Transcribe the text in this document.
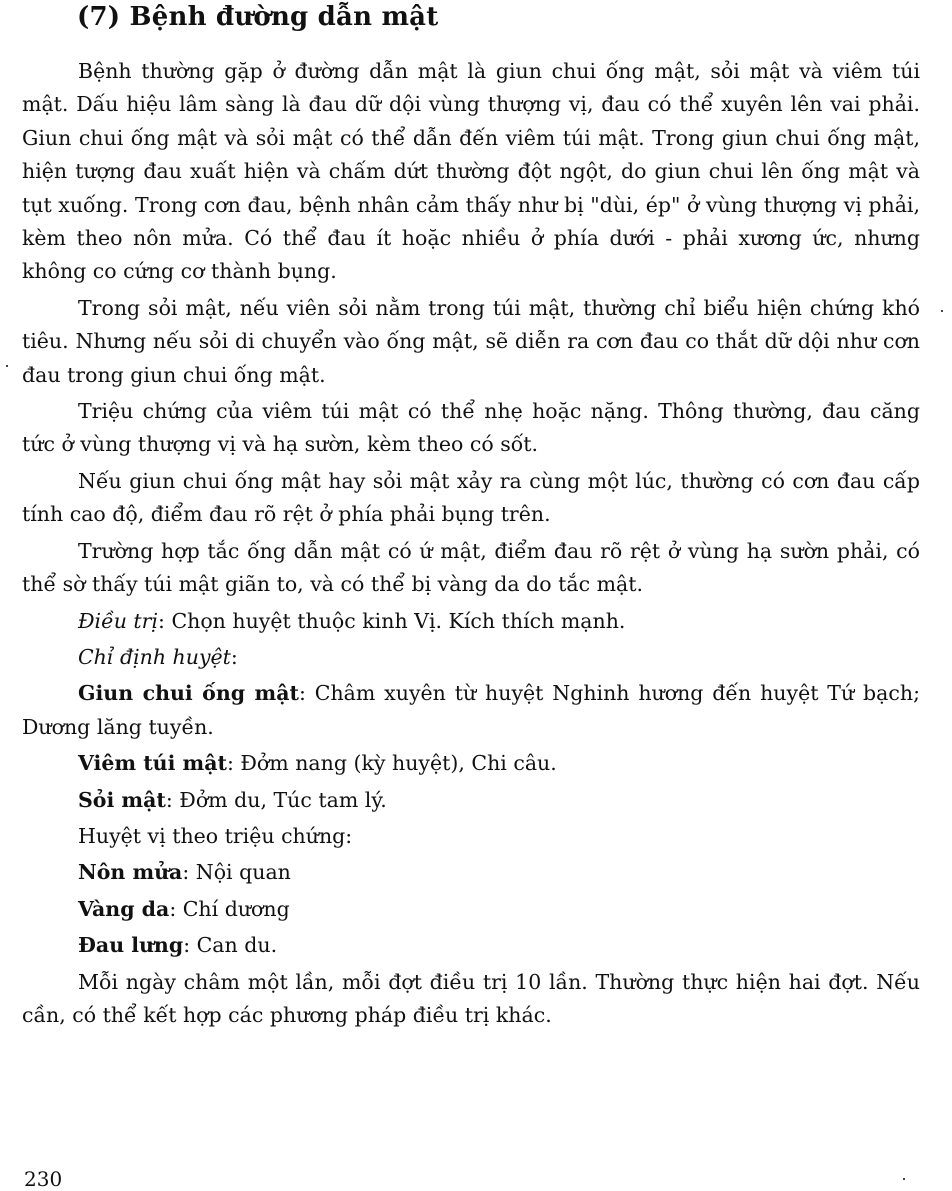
(7) Bệnh đường dẫn mật

Bệnh thường gặp ở đường dẫn mật là giun chui ống mật, sỏi mật và viêm túi mật. Dấu hiệu lâm sàng là đau dữ dội vùng thượng vị, đau có thể xuyên lên vai phải. Giun chui ống mật và sỏi mật có thể dẫn đến viêm túi mật. Trong giun chui ống mật, hiện tượng đau xuất hiện và chấm dứt thường đột ngột, do giun chui lên ống mật và tụt xuống. Trong cơn đau, bệnh nhân cảm thấy như bị "dùi, ép" ở vùng thượng vị phải, kèm theo nôn mửa. Có thể đau ít hoặc nhiều ở phía dưới - phải xương ức, nhưng không co cứng cơ thành bụng.

Trong sỏi mật, nếu viên sỏi nằm trong túi mật, thường chỉ biểu hiện chứng khó tiêu. Nhưng nếu sỏi di chuyển vào ống mật, sẽ diễn ra cơn đau co thắt dữ dội như cơn đau trong giun chui ống mật.

Triệu chứng của viêm túi mật có thể nhẹ hoặc nặng. Thông thường, đau căng tức ở vùng thượng vị và hạ sườn, kèm theo có sốt.

Nếu giun chui ống mật hay sỏi mật xảy ra cùng một lúc, thường có cơn đau cấp tính cao độ, điểm đau rõ rệt ở phía phải bụng trên.

Trường hợp tắc ống dẫn mật có ứ mật, điểm đau rõ rệt ở vùng hạ sườn phải, có thể sờ thấy túi mật giãn to, và có thể bị vàng da do tắc mật.

Điều trị: Chọn huyệt thuộc kinh Vị. Kích thích mạnh.

Chỉ định huyệt:

Giun chui ống mật: Châm xuyên từ huyệt Nghinh hương đến huyệt Tứ bạch; Dương lăng tuyền.

Viêm túi mật: Đởm nang (kỳ huyệt), Chi câu.

Sỏi mật: Đởm du, Túc tam lý.

Huyệt vị theo triệu chứng:

Nôn mửa: Nội quan

Vàng da: Chí dương

Đau lưng: Can du.

Mỗi ngày châm một lần, mỗi đợt điều trị 10 lần. Thường thực hiện hai đợt. Nếu cần, có thể kết hợp các phương pháp điều trị khác.

230
